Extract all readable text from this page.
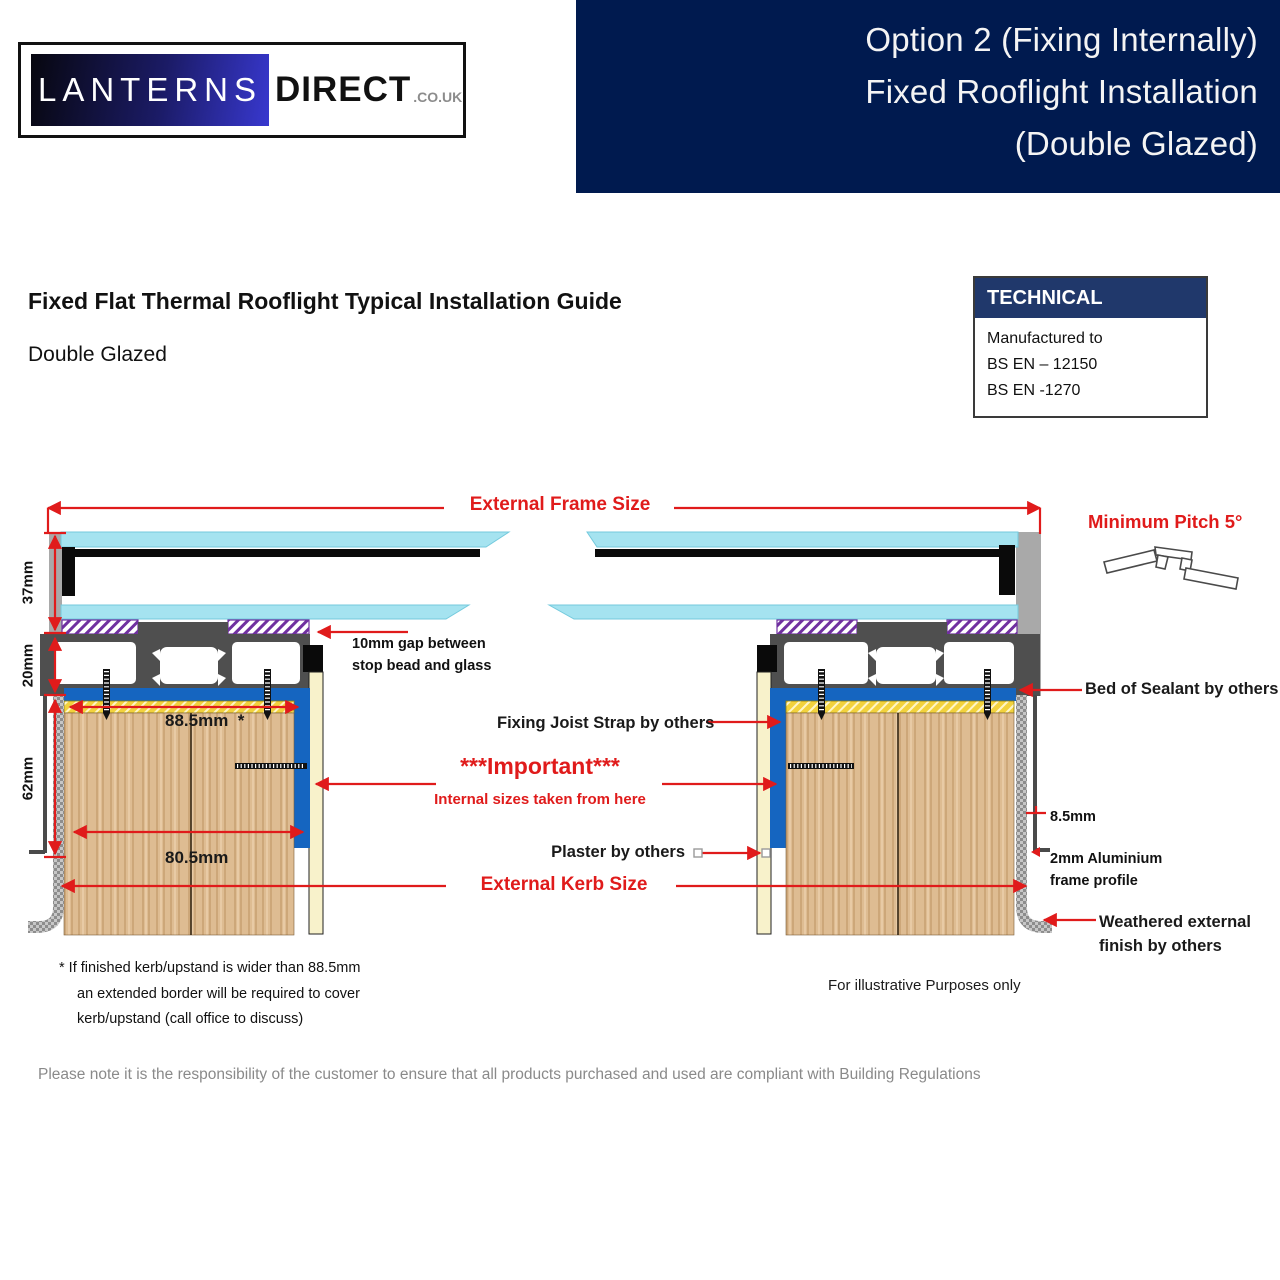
LANTERNS DIRECT .CO.UK
Option 2 (Fixing Internally)
Fixed Rooflight Installation
(Double Glazed)
Fixed Flat Thermal Rooflight Typical Installation Guide
Double Glazed
TECHNICAL
Manufactured to
BS EN – 12150
BS EN -1270
External Frame Size
37mm
20mm
62mm
88.5mm  *
80.5mm
10mm gap between
stop bead and glass
Fixing Joist Strap by others
***Important***
Internal sizes taken from here
Plaster by others
External Kerb Size
Minimum Pitch 5°
Bed of Sealant by others
8.5mm
2mm Aluminium
frame profile
Weathered external
finish by others
For illustrative Purposes only
* If finished kerb/upstand is wider than 88.5mm
an extended border will be required to cover
kerb/upstand (call office to discuss)
Please note it is the responsibility of the customer to ensure that all products purchased and used are compliant with Building Regulations
